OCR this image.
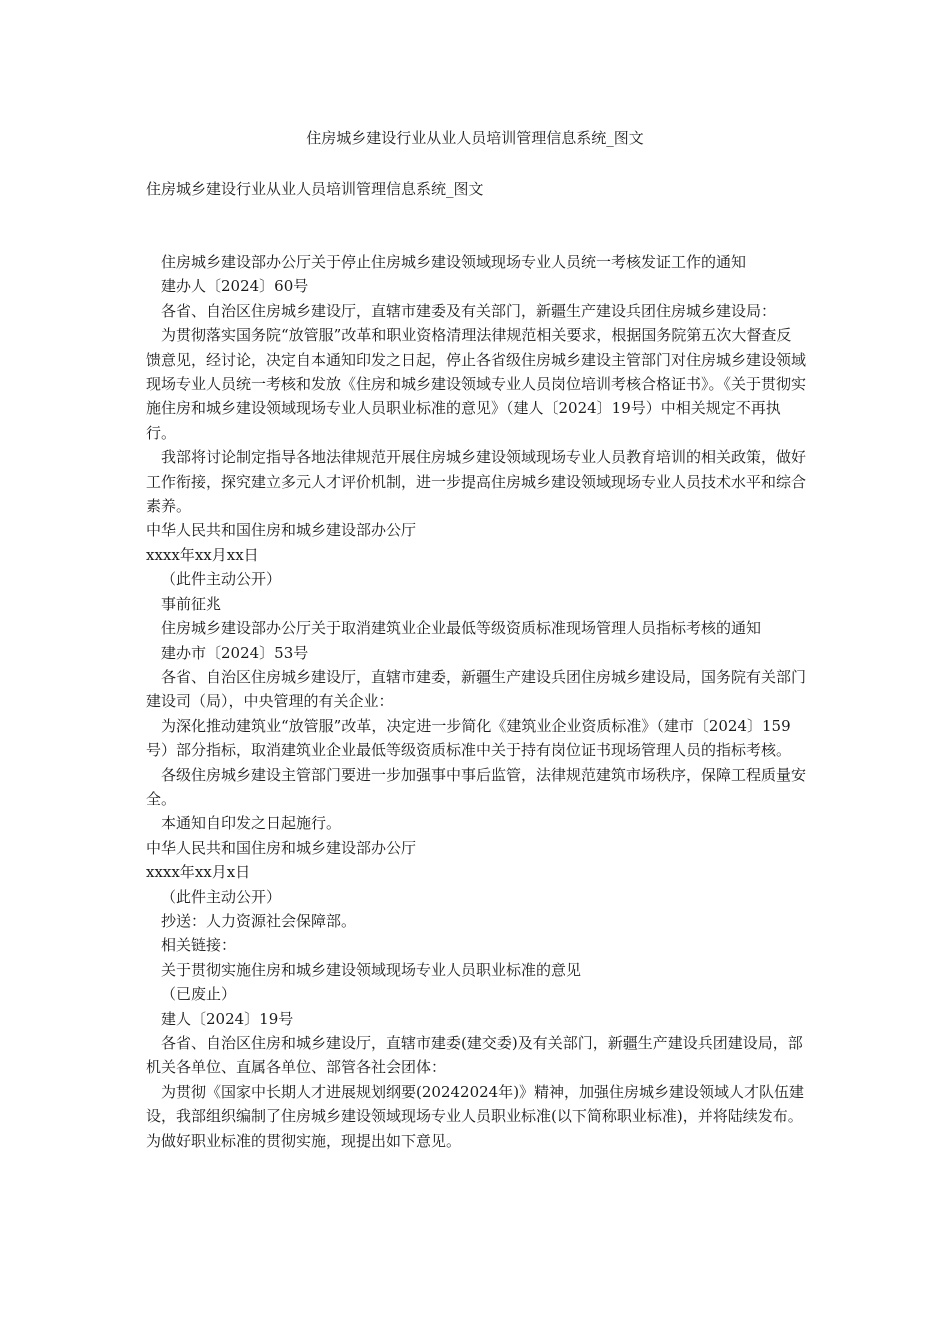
住房城乡建设行业从业人员培训管理信息系统_图文

住房城乡建设行业从业人员培训管理信息系统_图文

住房城乡建设部办公厅关于停止住房城乡建设领域现场专业人员统一考核发证工作的通知

建办人〔2024〕60号

各省、自治区住房城乡建设厅，直辖市建委及有关部门，新疆生产建设兵团住房城乡建设局：

为贯彻落实国务院“放管服”改革和职业资格清理法律规范相关要求，根据国务院第五次大督查反馈意见，经讨论，决定自本通知印发之日起，停止各省级住房城乡建设主管部门对住房城乡建设领域现场专业人员统一考核和发放《住房和城乡建设领域专业人员岗位培训考核合格证书》。《关于贯彻实施住房和城乡建设领域现场专业人员职业标准的意见》（建人〔2024〕19号）中相关规定不再执行。

我部将讨论制定指导各地法律规范开展住房城乡建设领域现场专业人员教育培训的相关政策，做好工作衔接，探究建立多元人才评价机制，进一步提高住房城乡建设领域现场专业人员技术水平和综合素养。

中华人民共和国住房和城乡建设部办公厅

xxxx年xx月xx日

（此件主动公开）

事前征兆

住房城乡建设部办公厅关于取消建筑业企业最低等级资质标准现场管理人员指标考核的通知

建办市〔2024〕53号

各省、自治区住房城乡建设厅，直辖市建委，新疆生产建设兵团住房城乡建设局，国务院有关部门建设司（局），中央管理的有关企业：

为深化推动建筑业“放管服”改革，决定进一步简化《建筑业企业资质标准》（建市〔2024〕159号）部分指标，取消建筑业企业最低等级资质标准中关于持有岗位证书现场管理人员的指标考核。

各级住房城乡建设主管部门要进一步加强事中事后监管，法律规范建筑市场秩序，保障工程质量安全。

本通知自印发之日起施行。

中华人民共和国住房和城乡建设部办公厅

xxxx年xx月x日

（此件主动公开）

抄送：人力资源社会保障部。

相关链接：

关于贯彻实施住房和城乡建设领域现场专业人员职业标准的意见

（已废止）

建人〔2024〕19号

各省、自治区住房和城乡建设厅，直辖市建委(建交委)及有关部门，新疆生产建设兵团建设局，部机关各单位、直属各单位、部管各社会团体：

为贯彻《国家中长期人才进展规划纲要(20242024年)》精神，加强住房城乡建设领域人才队伍建设，我部组织编制了住房城乡建设领域现场专业人员职业标准(以下简称职业标准)，并将陆续发布。为做好职业标准的贯彻实施，现提出如下意见。
